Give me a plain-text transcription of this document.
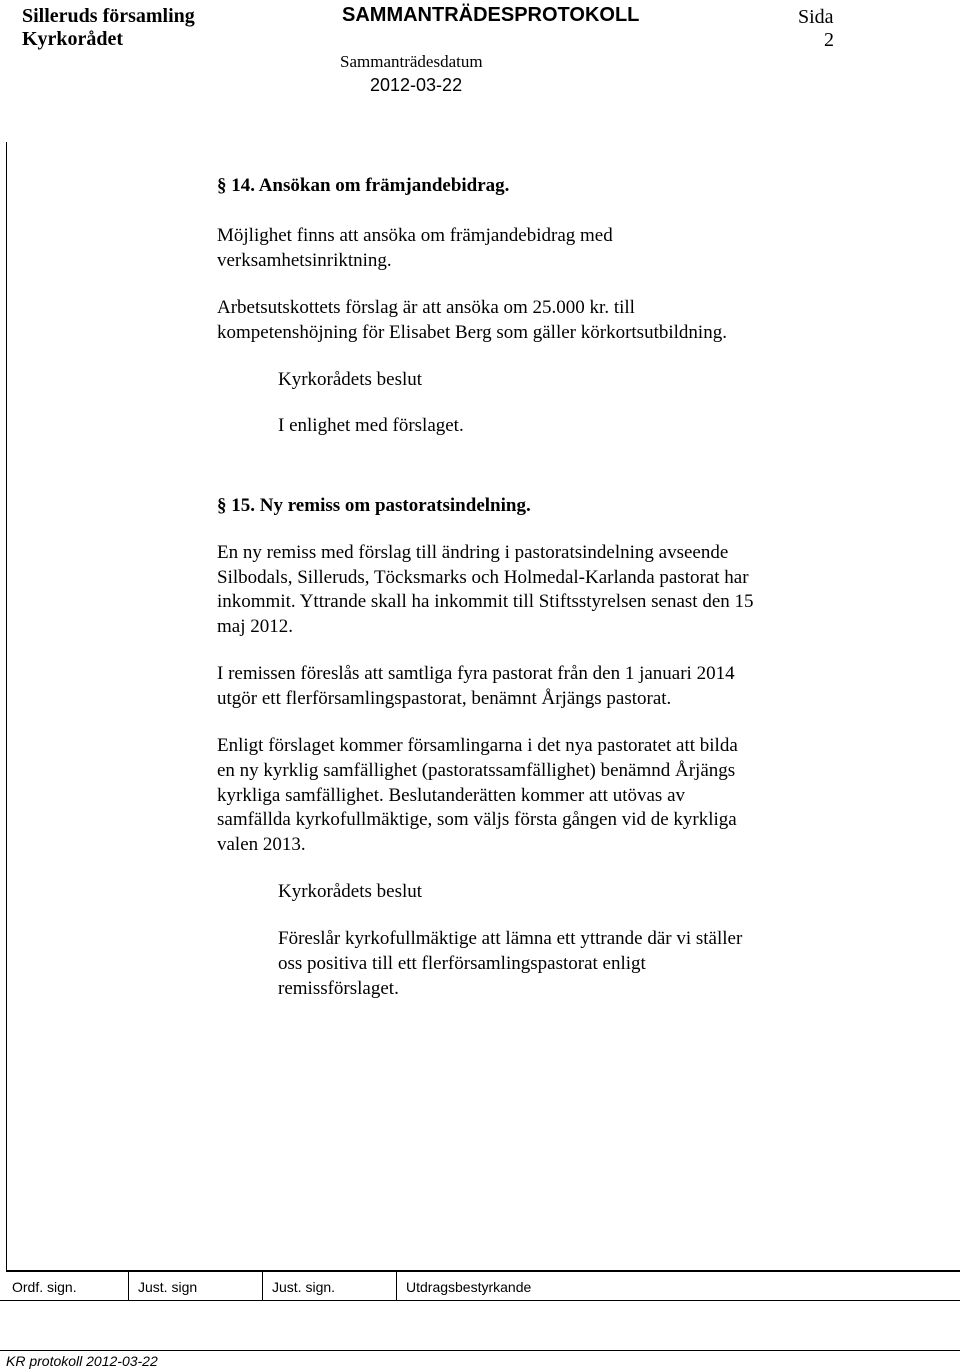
Silleruds församling
Kyrkorådet
SAMMANTRÄDESPROTOKOLL	Sida
2
Sammanträdesdatum
2012-03-22
§ 14. Ansökan om främjandebidrag.
Möjlighet finns att ansöka om främjandebidrag med
verksamhetsinriktning.
Arbetsutskottets förslag är att ansöka om 25.000 kr. till
kompetenshöjning för Elisabet Berg som gäller körkortsutbildning.
Kyrkorådets beslut
I enlighet med förslaget.
§ 15. Ny remiss om pastoratsindelning.
En ny remiss med förslag till ändring i pastoratsindelning avseende
Silbodals, Silleruds, Töcksmarks och Holmedal-Karlanda pastorat har
inkommit. Yttrande skall ha inkommit till Stiftsstyrelsen senast den 15
maj 2012.
I remissen föreslås att samtliga fyra pastorat från den 1 januari 2014
utgör ett flerförsamlingspastorat, benämnt Årjängs pastorat.
Enligt förslaget kommer församlingarna i det nya pastoratet att bilda
en ny kyrklig samfällighet (pastoratssamfällighet) benämnd Årjängs
kyrkliga samfällighet. Beslutanderätten kommer att utövas av
samfällda kyrkofullmäktige, som väljs första gången vid de kyrkliga
valen 2013.
Kyrkorådets beslut
Föreslår kyrkofullmäktige att lämna ett yttrande där vi ställer
oss positiva till ett flerförsamlingspastorat enligt
remissförslaget.
Ordf. sign.	Just. sign	Just. sign.	Utdragsbestyrkande
KR protokoll 2012-03-22
